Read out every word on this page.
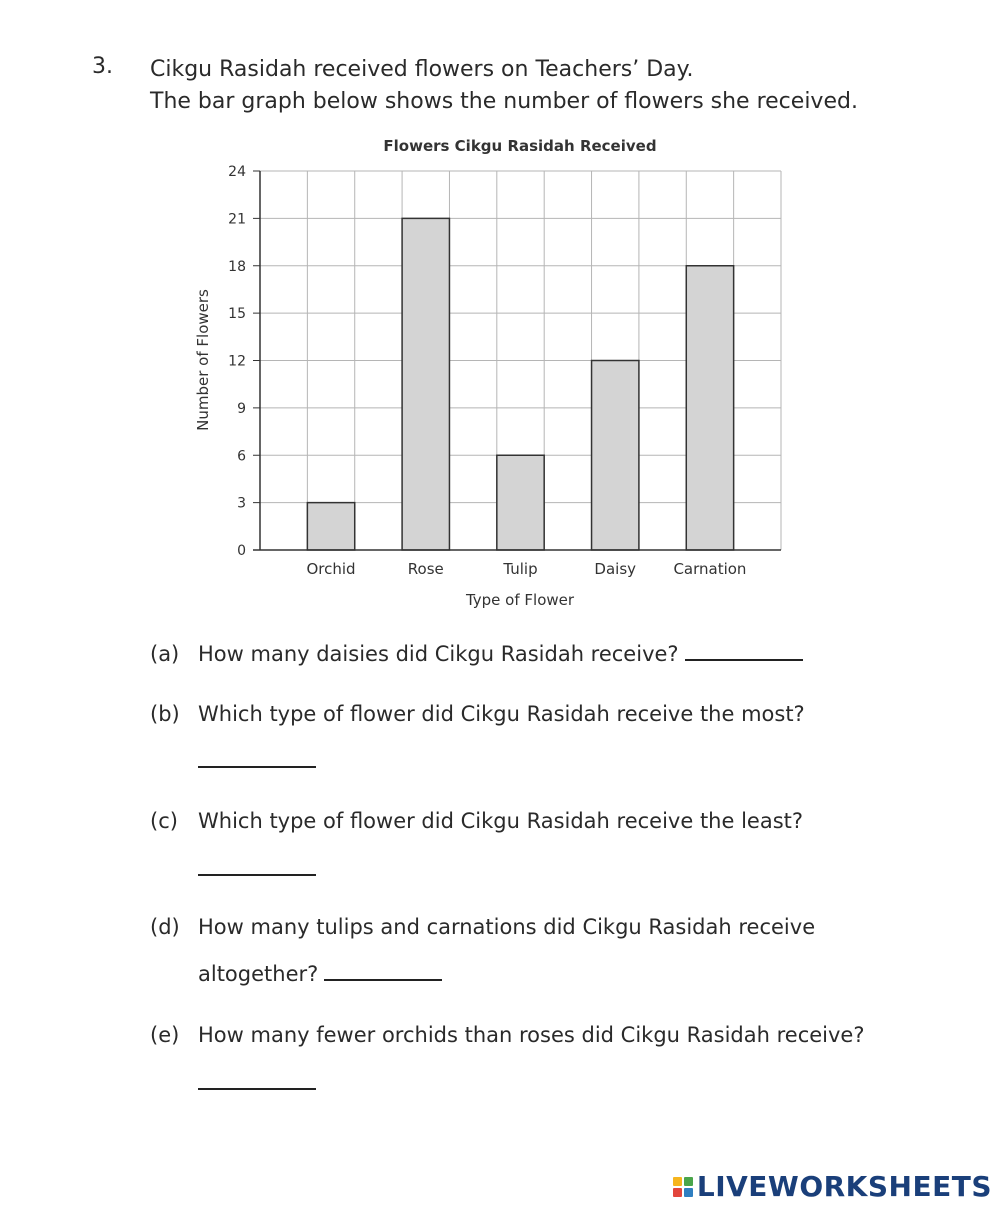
3. Cikgu Rasidah received flowers on Teachers’ Day.
The bar graph below shows the number of flowers she received.
Flowers Cikgu Rasidah Received
0
3
6
9
12
15
18
21
24
Orchid	Rose	Tulip	Daisy Carnation
Type of Flower
Number of Flowers
(a) How many daisies did Cikgu Rasidah receive?
(b) Which type of flower did Cikgu Rasidah receive the most?
(c) Which type of flower did Cikgu Rasidah receive the least?
(d) How many tulips and carnations did Cikgu Rasidah receive
altogether?
(e) How many fewer orchids than roses did Cikgu Rasidah receive?
LIVEWORKSHEETS
